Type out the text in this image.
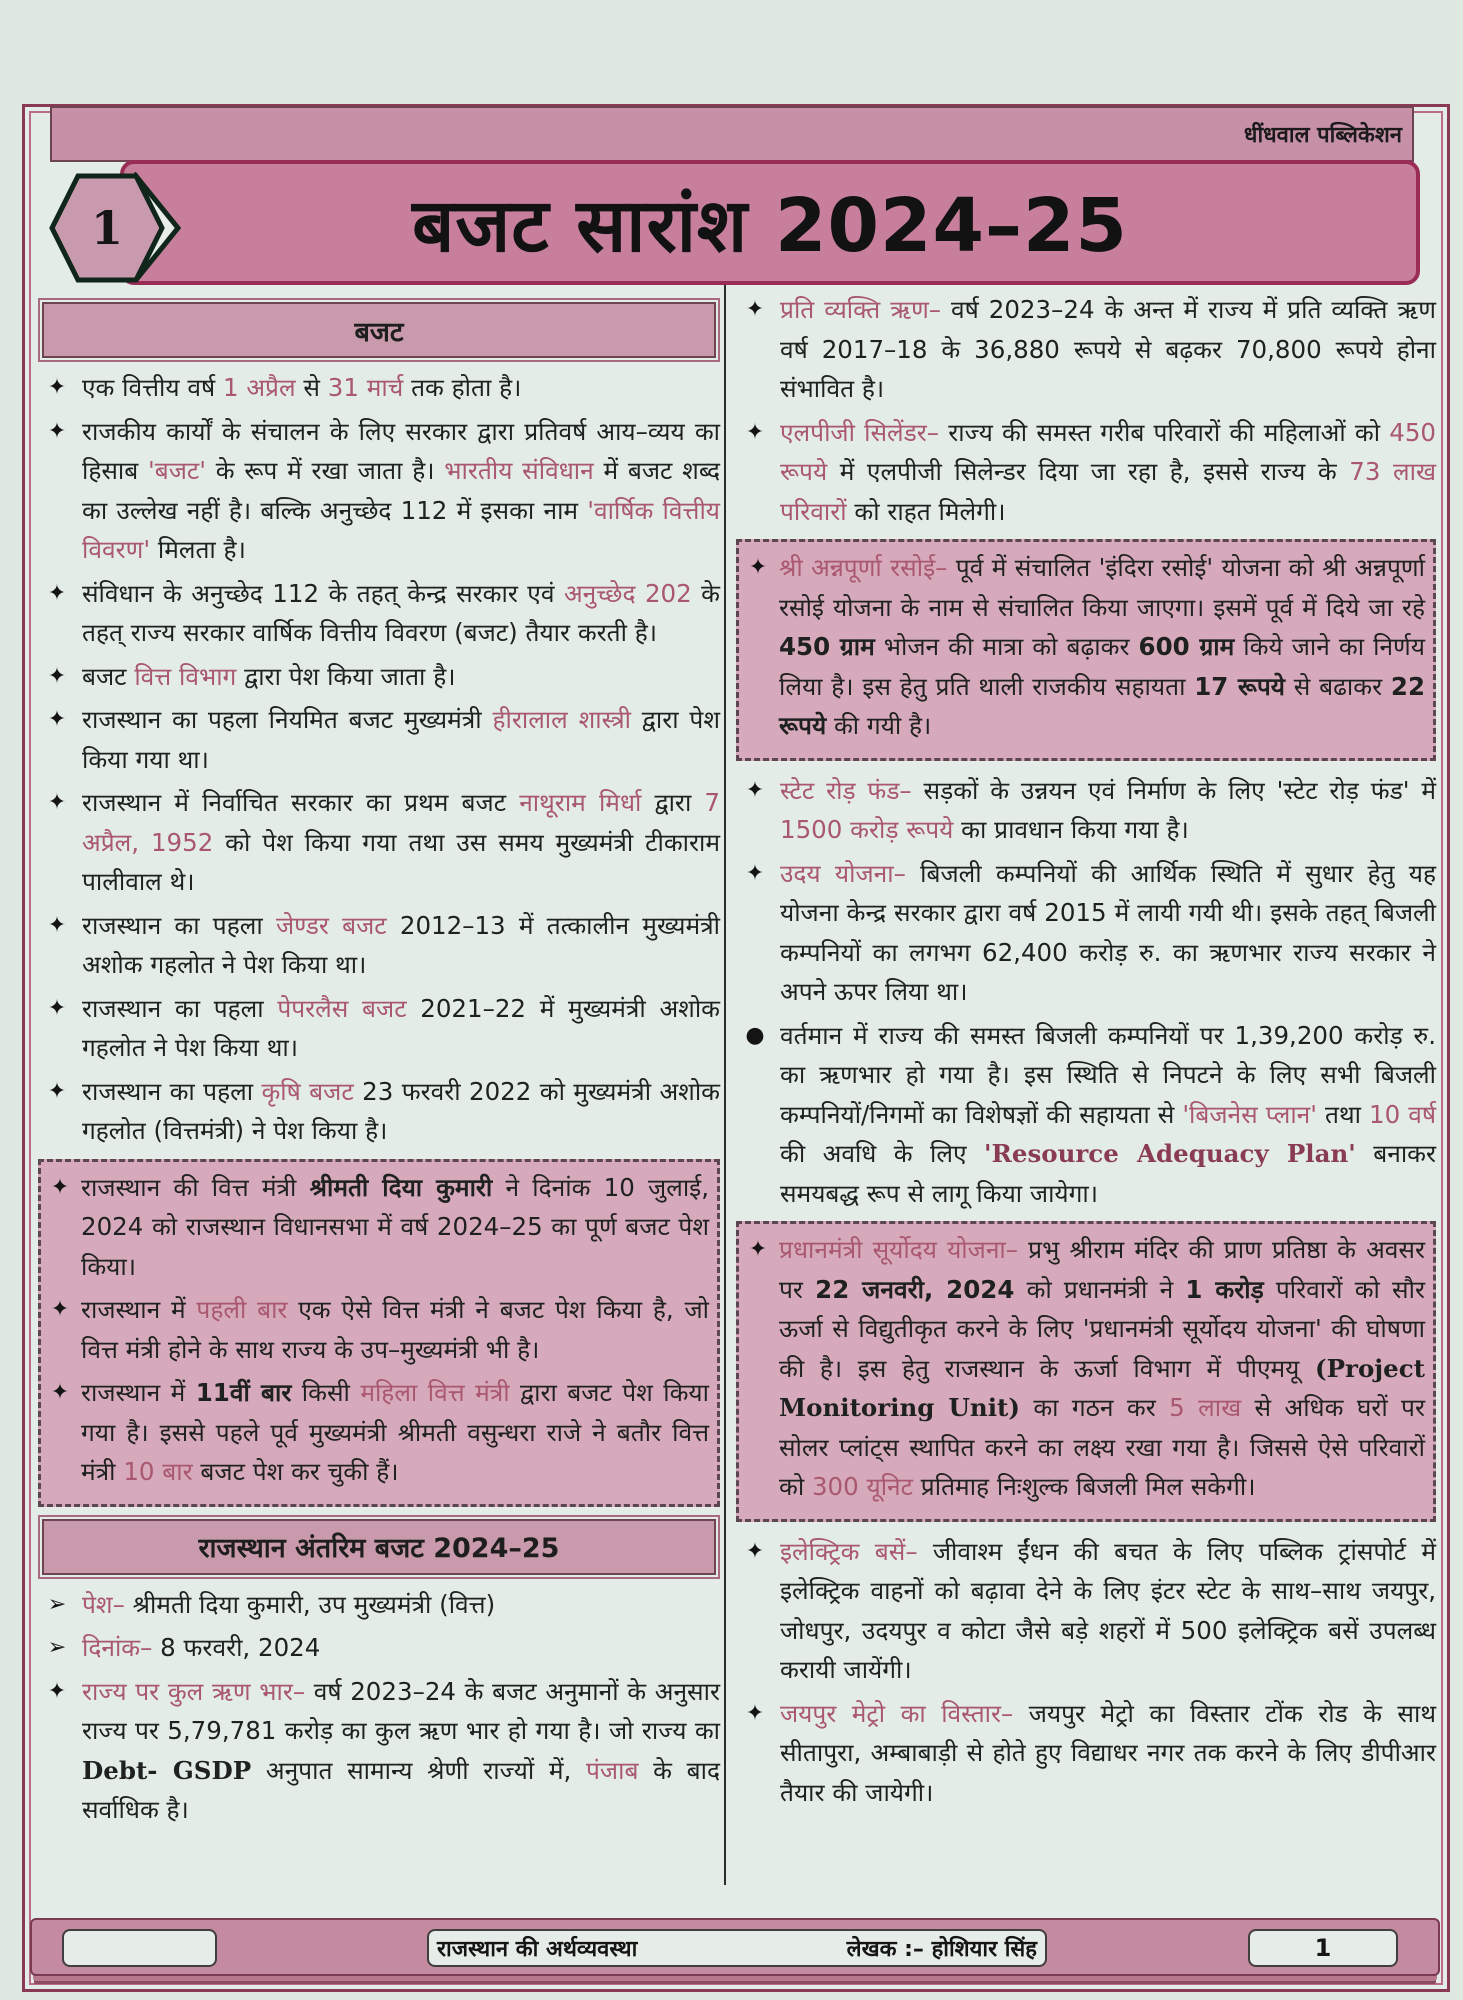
धींधवाल पब्लिकेशन
बजट सारांश 2024–25
1
बजट
✦ एक वित्तीय वर्ष 1 अप्रैल से 31 मार्च तक होता है।
✦ राजकीय कार्यों के संचालन के लिए सरकार द्वारा प्रतिवर्ष आय–व्यय का हिसाब 'बजट' के रूप में रखा जाता है। भारतीय संविधान में बजट शब्द का उल्लेख नहीं है। बल्कि अनुच्छेद 112 में इसका नाम 'वार्षिक वित्तीय विवरण' मिलता है।
✦ संविधान के अनुच्छेद 112 के तहत् केन्द्र सरकार एवं अनुच्छेद 202 के तहत् राज्य सरकार वार्षिक वित्तीय विवरण (बजट) तैयार करती है।
✦ बजट वित्त विभाग द्वारा पेश किया जाता है।
✦ राजस्थान का पहला नियमित बजट मुख्यमंत्री हीरालाल शास्त्री द्वारा पेश किया गया था।
✦ राजस्थान में निर्वाचित सरकार का प्रथम बजट नाथूराम मिर्धा द्वारा 7 अप्रैल, 1952 को पेश किया गया तथा उस समय मुख्यमंत्री टीकाराम पालीवाल थे।
✦ राजस्थान का पहला जेण्डर बजट 2012–13 में तत्कालीन मुख्यमंत्री अशोक गहलोत ने पेश किया था।
✦ राजस्थान का पहला पेपरलैस बजट 2021–22 में मुख्यमंत्री अशोक गहलोत ने पेश किया था।
✦ राजस्थान का पहला कृषि बजट 23 फरवरी 2022 को मुख्यमंत्री अशोक गहलोत (वित्तमंत्री) ने पेश किया है।
✦ राजस्थान की वित्त मंत्री श्रीमती दिया कुमारी ने दिनांक 10 जुलाई, 2024 को राजस्थान विधानसभा में वर्ष 2024–25 का पूर्ण बजट पेश किया।
✦ राजस्थान में पहली बार एक ऐसे वित्त मंत्री ने बजट पेश किया है, जो वित्त मंत्री होने के साथ राज्य के उप–मुख्यमंत्री भी है।
✦ राजस्थान में 11वीं बार किसी महिला वित्त मंत्री द्वारा बजट पेश किया गया है। इससे पहले पूर्व मुख्यमंत्री श्रीमती वसुन्धरा राजे ने बतौर वित्त मंत्री 10 बार बजट पेश कर चुकी हैं।
राजस्थान अंतरिम बजट 2024–25
➢ पेश– श्रीमती दिया कुमारी, उप मुख्यमंत्री (वित्त)
➢ दिनांक– 8 फरवरी, 2024
✦ राज्य पर कुल ऋण भार– वर्ष 2023–24 के बजट अनुमानों के अनुसार राज्य पर 5,79,781 करोड़ का कुल ऋण भार हो गया है। जो राज्य का Debt- GSDP अनुपात सामान्य श्रेणी राज्यों में, पंजाब के बाद सर्वाधिक है।
✦ प्रति व्यक्ति ऋण– वर्ष 2023–24 के अन्त में राज्य में प्रति व्यक्ति ऋण वर्ष 2017–18 के 36,880 रूपये से बढ़कर 70,800 रूपये होना संभावित है।
✦ एलपीजी सिलेंडर– राज्य की समस्त गरीब परिवारों की महिलाओं को 450 रूपये में एलपीजी सिलेन्डर दिया जा रहा है, इससे राज्य के 73 लाख परिवारों को राहत मिलेगी।
✦ श्री अन्नपूर्णा रसोई– पूर्व में संचालित 'इंदिरा रसोई' योजना को श्री अन्नपूर्णा रसोई योजना के नाम से संचालित किया जाएगा। इसमें पूर्व में दिये जा रहे 450 ग्राम भोजन की मात्रा को बढ़ाकर 600 ग्राम किये जाने का निर्णय लिया है। इस हेतु प्रति थाली राजकीय सहायता 17 रूपये से बढाकर 22 रूपये की गयी है।
✦ स्टेट रोड़ फंड– सड़कों के उन्नयन एवं निर्माण के लिए 'स्टेट रोड़ फंड' में 1500 करोड़ रूपये का प्रावधान किया गया है।
✦ उदय योजना– बिजली कम्पनियों की आर्थिक स्थिति में सुधार हेतु यह योजना केन्द्र सरकार द्वारा वर्ष 2015 में लायी गयी थी। इसके तहत् बिजली कम्पनियों का लगभग 62,400 करोड़ रु. का ऋणभार राज्य सरकार ने अपने ऊपर लिया था।
● वर्तमान में राज्य की समस्त बिजली कम्पनियों पर 1,39,200 करोड़ रु. का ऋणभार हो गया है। इस स्थिति से निपटने के लिए सभी बिजली कम्पनियों/निगमों का विशेषज्ञों की सहायता से 'बिजनेस प्लान' तथा 10 वर्ष की अवधि के लिए 'Resource Adequacy Plan' बनाकर समयबद्ध रूप से लागू किया जायेगा।
✦ प्रधानमंत्री सूर्योदय योजना– प्रभु श्रीराम मंदिर की प्राण प्रतिष्ठा के अवसर पर 22 जनवरी, 2024 को प्रधानमंत्री ने 1 करोड़ परिवारों को सौर ऊर्जा से विद्युतीकृत करने के लिए 'प्रधानमंत्री सूर्योदय योजना' की घोषणा की है। इस हेतु राजस्थान के ऊर्जा विभाग में पीएमयू (Project Monitoring Unit) का गठन कर 5 लाख से अधिक घरों पर सोलर प्लांट्स स्थापित करने का लक्ष्य रखा गया है। जिससे ऐसे परिवारों को 300 यूनिट प्रतिमाह निःशुल्क बिजली मिल सकेगी।
✦ इलेक्ट्रिक बसें– जीवाश्म ईंधन की बचत के लिए पब्लिक ट्रांसपोर्ट में इलेक्ट्रिक वाहनों को बढ़ावा देने के लिए इंटर स्टेट के साथ–साथ जयपुर, जोधपुर, उदयपुर व कोटा जैसे बड़े शहरों में 500 इलेक्ट्रिक बसें उपलब्ध करायी जायेंगी।
✦ जयपुर मेट्रो का विस्तार– जयपुर मेट्रो का विस्तार टोंक रोड के साथ सीतापुरा, अम्बाबाड़ी से होते हुए विद्याधर नगर तक करने के लिए डीपीआर तैयार की जायेगी।
राजस्थान की अर्थव्यवस्था	लेखक :– होशियार सिंह	1
